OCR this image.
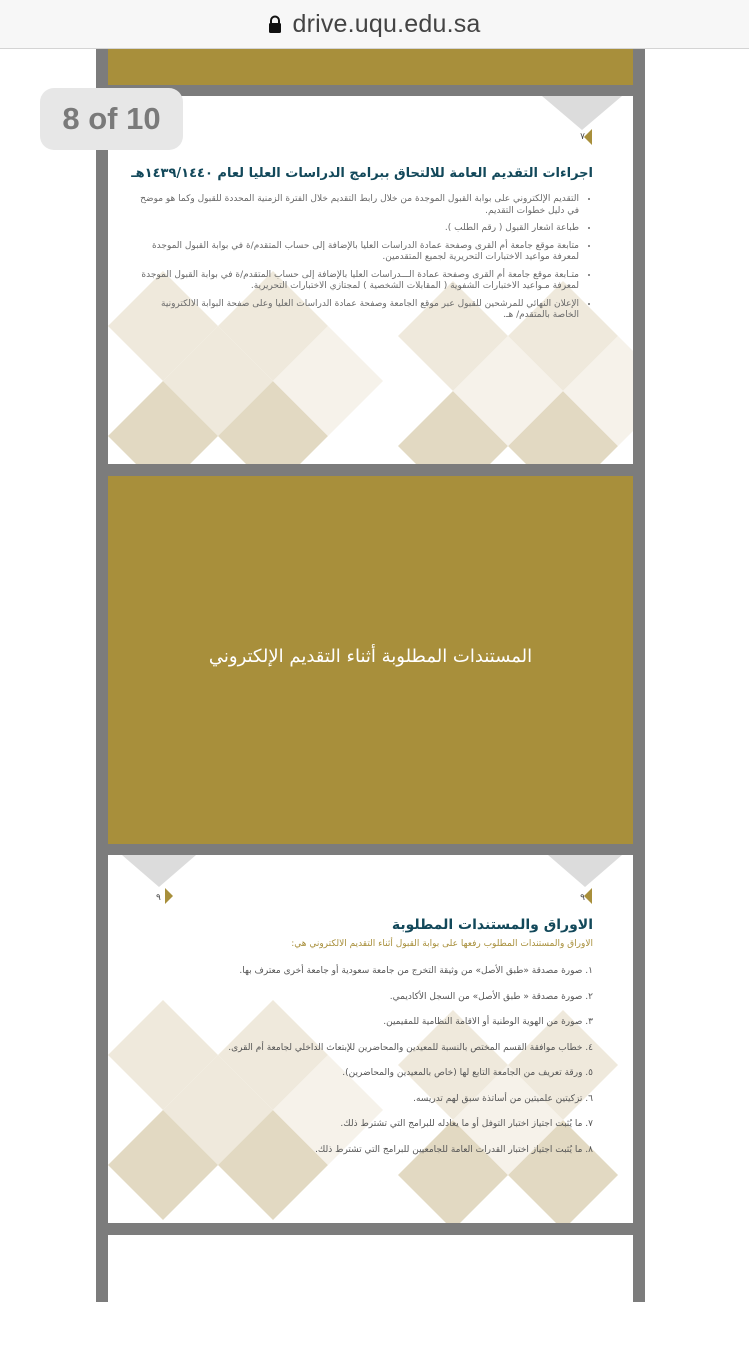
drive.uqu.edu.sa
٧
اجراءات التقديم العامة للالتحاق ببرامج الدراسات العليا لعام ١٤٣٩/١٤٤٠هـ
• التقديم الإلكتروني على بوابة القبول الموجدة من خلال رابط التقديم خلال الفترة الزمنية المحددة للقبول وكما هو موضح في دليل خطوات التقديم.
• طباعة اشعار القبول ( رقم الطلب ).
• متابعة موقع جامعة أم القرى وصفحة عمادة الدراسات العليا بالإضافة إلى حساب المتقدم/ة في بوابة القبول الموجدة لمعرفة مواعيد الاختبارات التحريرية لجميع المتقدمين.
• متـابعة موقع جامعة أم القرى وصفحة عمادة الـــدراسات العليا بالإضافة إلى حساب المتقدم/ة في بوابة القبول الموجدة لمعرفة مـواعيد الاختبارات الشفوية ( المقابلات الشخصية ) لمجتازي الاختبارات التحريرية.
• الإعلان النهائي للمرشحين للقبول عبر موقع الجامعة وصفحة عمادة الدراسات العليا وعلى صفحة البوابة الالكترونية الخاصة بالمتقدم/ هـ.
المستندات المطلوبة أثناء التقديم الإلكتروني
٩
٩
الاوراق والمستندات المطلوبة
الاوراق والمستندات المطلوب رفعها على بوابة القبول أثناء التقديم الالكتروني هي:
١. صورة مصدقة «طبق الأصل» من وثيقة التخرج من جامعة سعودية أو جامعة أخرى معترف بها.
٢. صورة مصدقة « طبق الأصل» من السجل الأكاديمي.
٣. صورة من الهوية الوطنية أو الاقامة النظامية للمقيمين.
٤. خطاب موافقة القسم المختص بالنسبة للمعيدين والمحاضرين للإبتعاث الداخلي لجامعة أم القرى.
٥. ورقة تعريف من الجامعة التابع لها (خاص بالمعيدين والمحاضرين).
٦. تزكيتين علميتين من أساتذة سبق لهم تدريسه.
٧. ما يُثبت اجتياز اختبار التوفل أو ما يعادله للبرامج التي تشترط ذلك.
٨. ما يُثبت اجتياز اختبار القدرات العامة للجامعيين للبرامج التي تشترط ذلك.
8 of 10
